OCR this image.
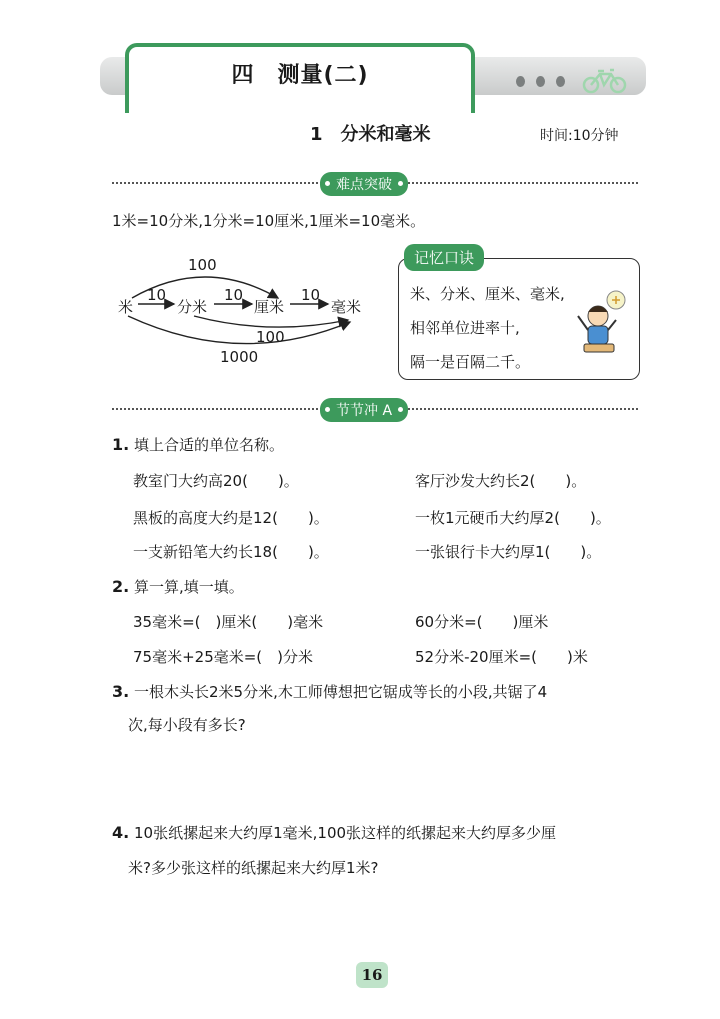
四　测量(二)
1　分米和毫米	时间:10分钟
难点突破
1米=10分米,1分米=10厘米,1厘米=10毫米。
100
10	10	10
米	分米	厘米	毫米
100
1000
记忆口诀
米、分米、厘米、毫米,
相邻单位进率十,
隔一是百隔二千。
节节冲 A
1. 填上合适的单位名称。
教室门大约高20(　　)。	客厅沙发大约长2(　　)。
黑板的高度大约是12(　　)。	一枚1元硬币大约厚2(　　)。
一支新铅笔大约长18(　　)。	一张银行卡大约厚1(　　)。
2. 算一算,填一填。
35毫米=(　)厘米(　　)毫米	60分米=(　　)厘米
75毫米+25毫米=(　)分米	52分米-20厘米=(　　)米
3. 一根木头长2米5分米,木工师傅想把它锯成等长的小段,共锯了4
次,每小段有多长?
4. 10张纸摞起来大约厚1毫米,100张这样的纸摞起来大约厚多少厘
米?多少张这样的纸摞起来大约厚1米?
16
